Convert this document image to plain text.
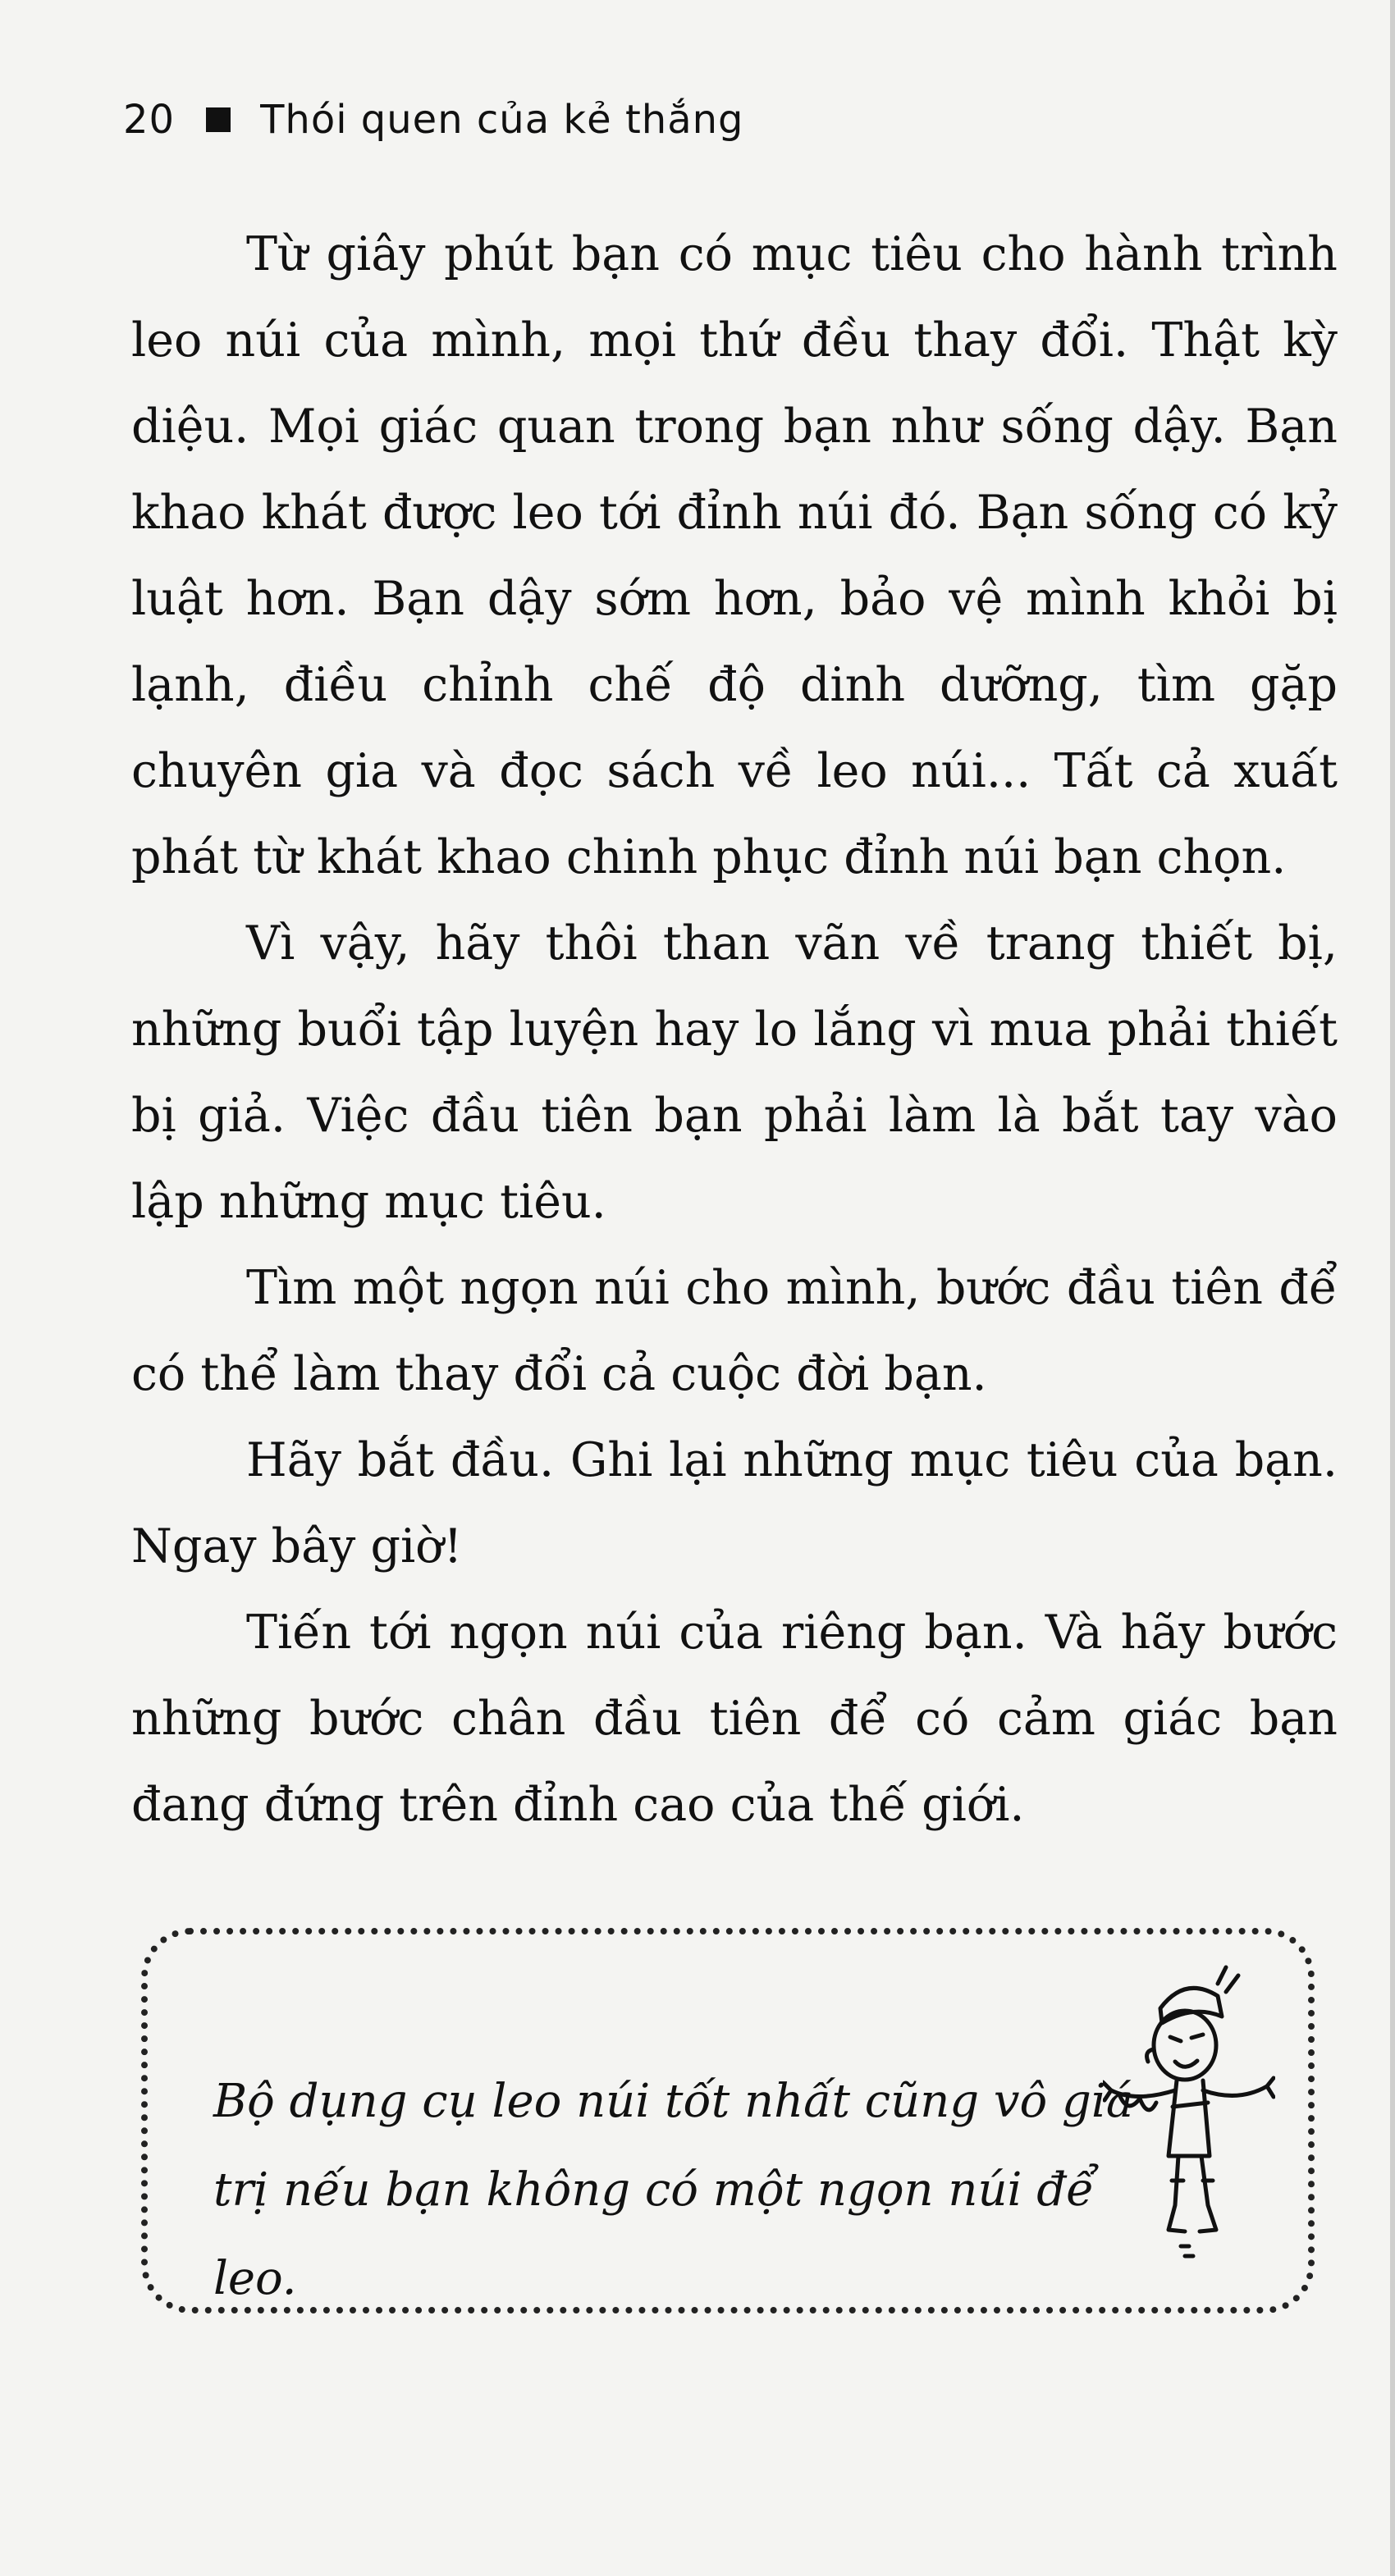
20 Thói quen của kẻ thắng

Từ giây phút bạn có mục tiêu cho hành trình leo núi của mình, mọi thứ đều thay đổi. Thật kỳ diệu. Mọi giác quan trong bạn như sống dậy. Bạn khao khát được leo tới đỉnh núi đó. Bạn sống có kỷ luật hơn. Bạn dậy sớm hơn, bảo vệ mình khỏi bị lạnh, điều chỉnh chế độ dinh dưỡng, tìm gặp chuyên gia và đọc sách về leo núi... Tất cả xuất phát từ khát khao chinh phục đỉnh núi bạn chọn.

Vì vậy, hãy thôi than vãn về trang thiết bị, những buổi tập luyện hay lo lắng vì mua phải thiết bị giả. Việc đầu tiên bạn phải làm là bắt tay vào lập những mục tiêu.

Tìm một ngọn núi cho mình, bước đầu tiên để có thể làm thay đổi cả cuộc đời bạn.

Hãy bắt đầu. Ghi lại những mục tiêu của bạn. Ngay bây giờ!

Tiến tới ngọn núi của riêng bạn. Và hãy bước những bước chân đầu tiên để có cảm giác bạn đang đứng trên đỉnh cao của thế giới.

Bộ dụng cụ leo núi tốt nhất cũng vô giá trị nếu bạn không có một ngọn núi để leo.
